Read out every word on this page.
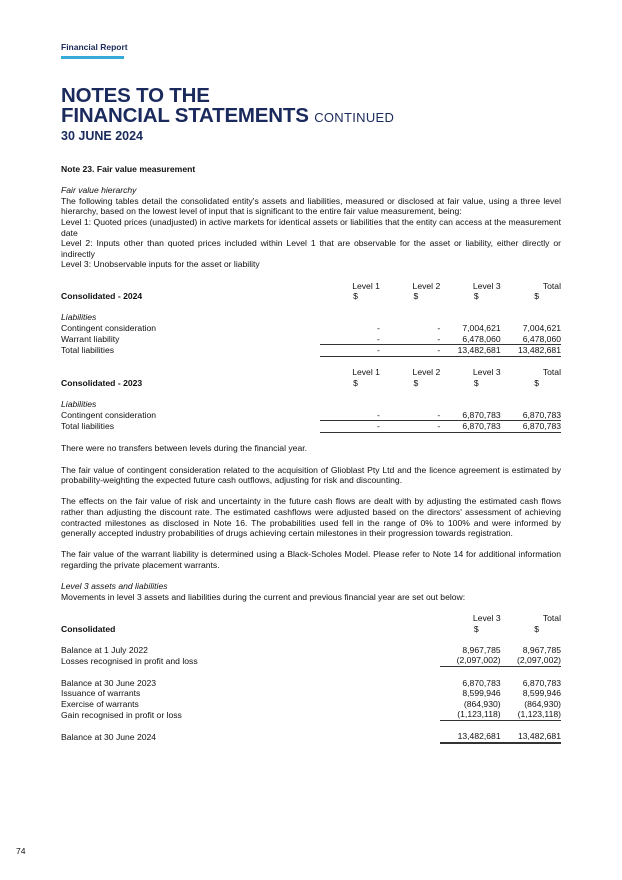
Financial Report
NOTES TO THE
FINANCIAL STATEMENTS CONTINUED
30 JUNE 2024

Note 23. Fair value measurement

Fair value hierarchy

The following tables detail the consolidated entity's assets and liabilities, measured or disclosed at fair value, using a three level hierarchy, based on the lowest level of input that is significant to the entire fair value measurement, being:

Level 1: Quoted prices (unadjusted) in active markets for identical assets or liabilities that the entity can access at the measurement date

Level 2: Inputs other than quoted prices included within Level 1 that are observable for the asset or liability, either directly or indirectly

Level 3: Unobservable inputs for the asset or liability

	Level 1	Level 2	Level 3	Total
Consolidated - 2024	$	$	$	$

Liabilities				
Contingent consideration	-	-	7,004,621	7,004,621
Warrant liability	-	-	6,478,060	6,478,060
Total liabilities	-	-	13,482,681	13,482,681
	Level 1	Level 2	Level 3	Total
Consolidated - 2023	$	$	$	$

Liabilities				
Contingent consideration	-	-	6,870,783	6,870,783
Total liabilities	-	-	6,870,783	6,870,783

There were no transfers between levels during the financial year.

The fair value of contingent consideration related to the acquisition of Glioblast Pty Ltd and the licence agreement is estimated by probability-weighting the expected future cash outflows, adjusting for risk and discounting.

The effects on the fair value of risk and uncertainty in the future cash flows are dealt with by adjusting the estimated cash flows rather than adjusting the discount rate. The estimated cashflows were adjusted based on the directors' assessment of achieving contracted milestones as disclosed in Note 16. The probabilities used fell in the range of 0% to 100% and were informed by generally accepted industry probabilities of drugs achieving certain milestones in their progression towards registration.

The fair value of the warrant liability is determined using a Black-Scholes Model. Please refer to Note 14 for additional information regarding the private placement warrants.

Level 3 assets and liabilities

Movements in level 3 assets and liabilities during the current and previous financial year are set out below:

	Level 3	Total
Consolidated	$	$

Balance at 1 July 2022	8,967,785	8,967,785
Losses recognised in profit and loss	(2,097,002)	(2,097,002)

Balance at 30 June 2023	6,870,783	6,870,783
Issuance of warrants	8,599,946	8,599,946
Exercise of warrants	(864,930)	(864,930)
Gain recognised in profit or loss	(1,123,118)	(1,123,118)

Balance at 30 June 2024	13,482,681	13,482,681
74
